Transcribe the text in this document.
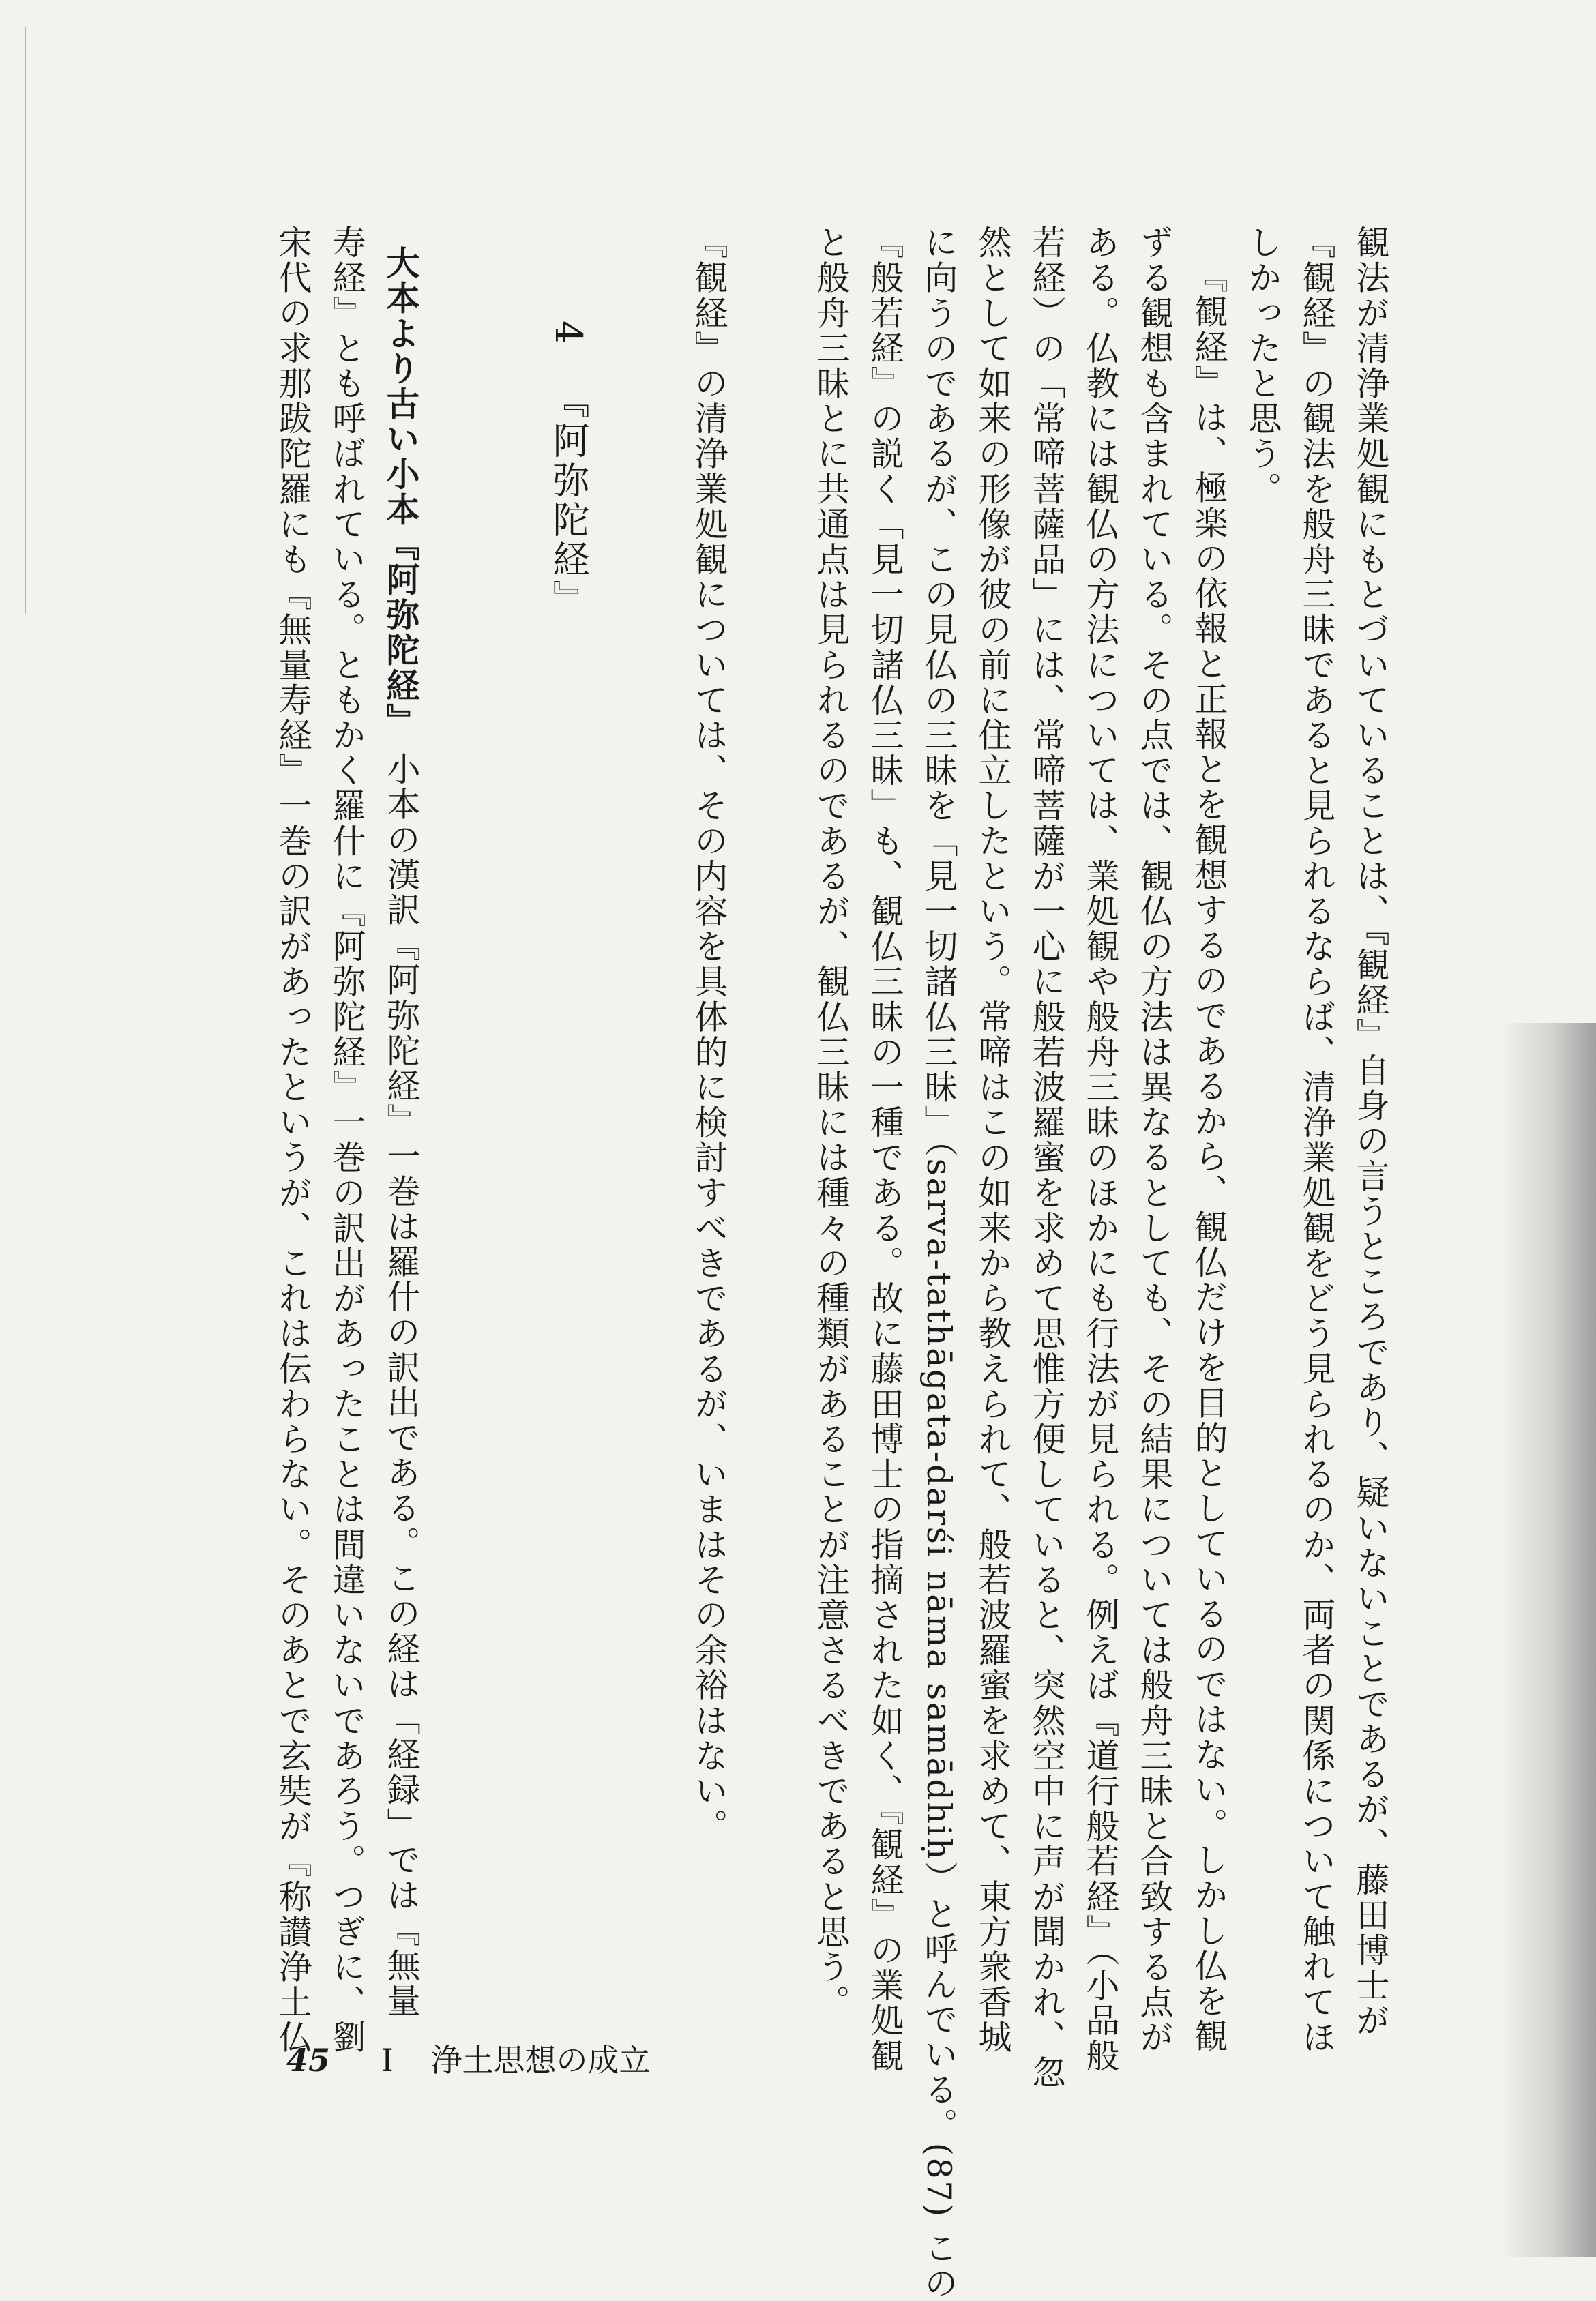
観法が清浄業処観にもとづいていることは、『観経』自身の言うところであり、疑いないことであるが、藤田博士が
『観経』の観法を般舟三昧であると見られるならば、清浄業処観をどう見られるのか、両者の関係について触れてほ
しかったと思う。
『観経』は、極楽の依報と正報とを観想するのであるから、観仏だけを目的としているのではない。しかし仏を観
ずる観想も含まれている。その点では、観仏の方法は異なるとしても、その結果については般舟三昧と合致する点が
ある。仏教には観仏の方法については、業処観や般舟三昧のほかにも行法が見られる。例えば『道行般若経』（小品般
若経）の「常啼菩薩品」には、常啼菩薩が一心に般若波羅蜜を求めて思惟方便していると、突然空中に声が聞かれ、忽
然として如来の形像が彼の前に住立したという。常啼はこの如来から教えられて、般若波羅蜜を求めて、東方衆香城
に向うのであるが、この見仏の三昧を「見一切諸仏三昧」（sarva-tathāgata-darśi nāma samādhiḥ）と呼んでいる。(87) この
『般若経』の説く「見一切諸仏三昧」も、観仏三昧の一種である。故に藤田博士の指摘された如く、『観経』の業処観
と般舟三昧とに共通点は見られるのであるが、観仏三昧には種々の種類があることが注意さるべきであると思う。
『観経』の清浄業処観については、その内容を具体的に検討すべきであるが、いまはその余裕はない。
4
『阿弥陀経』
大本より古い小本『阿弥陀経』小本の漢訳『阿弥陀経』一巻は羅什の訳出である。この経は「経録」では『無量
寿経』とも呼ばれている。ともかく羅什に『阿弥陀経』一巻の訳出があったことは間違いないであろう。つぎに、劉
宋代の求那跋陀羅にも『無量寿経』一巻の訳があったというが、これは伝わらない。そのあとで玄奘が『称讃浄土仏
45 I 浄土思想の成立
